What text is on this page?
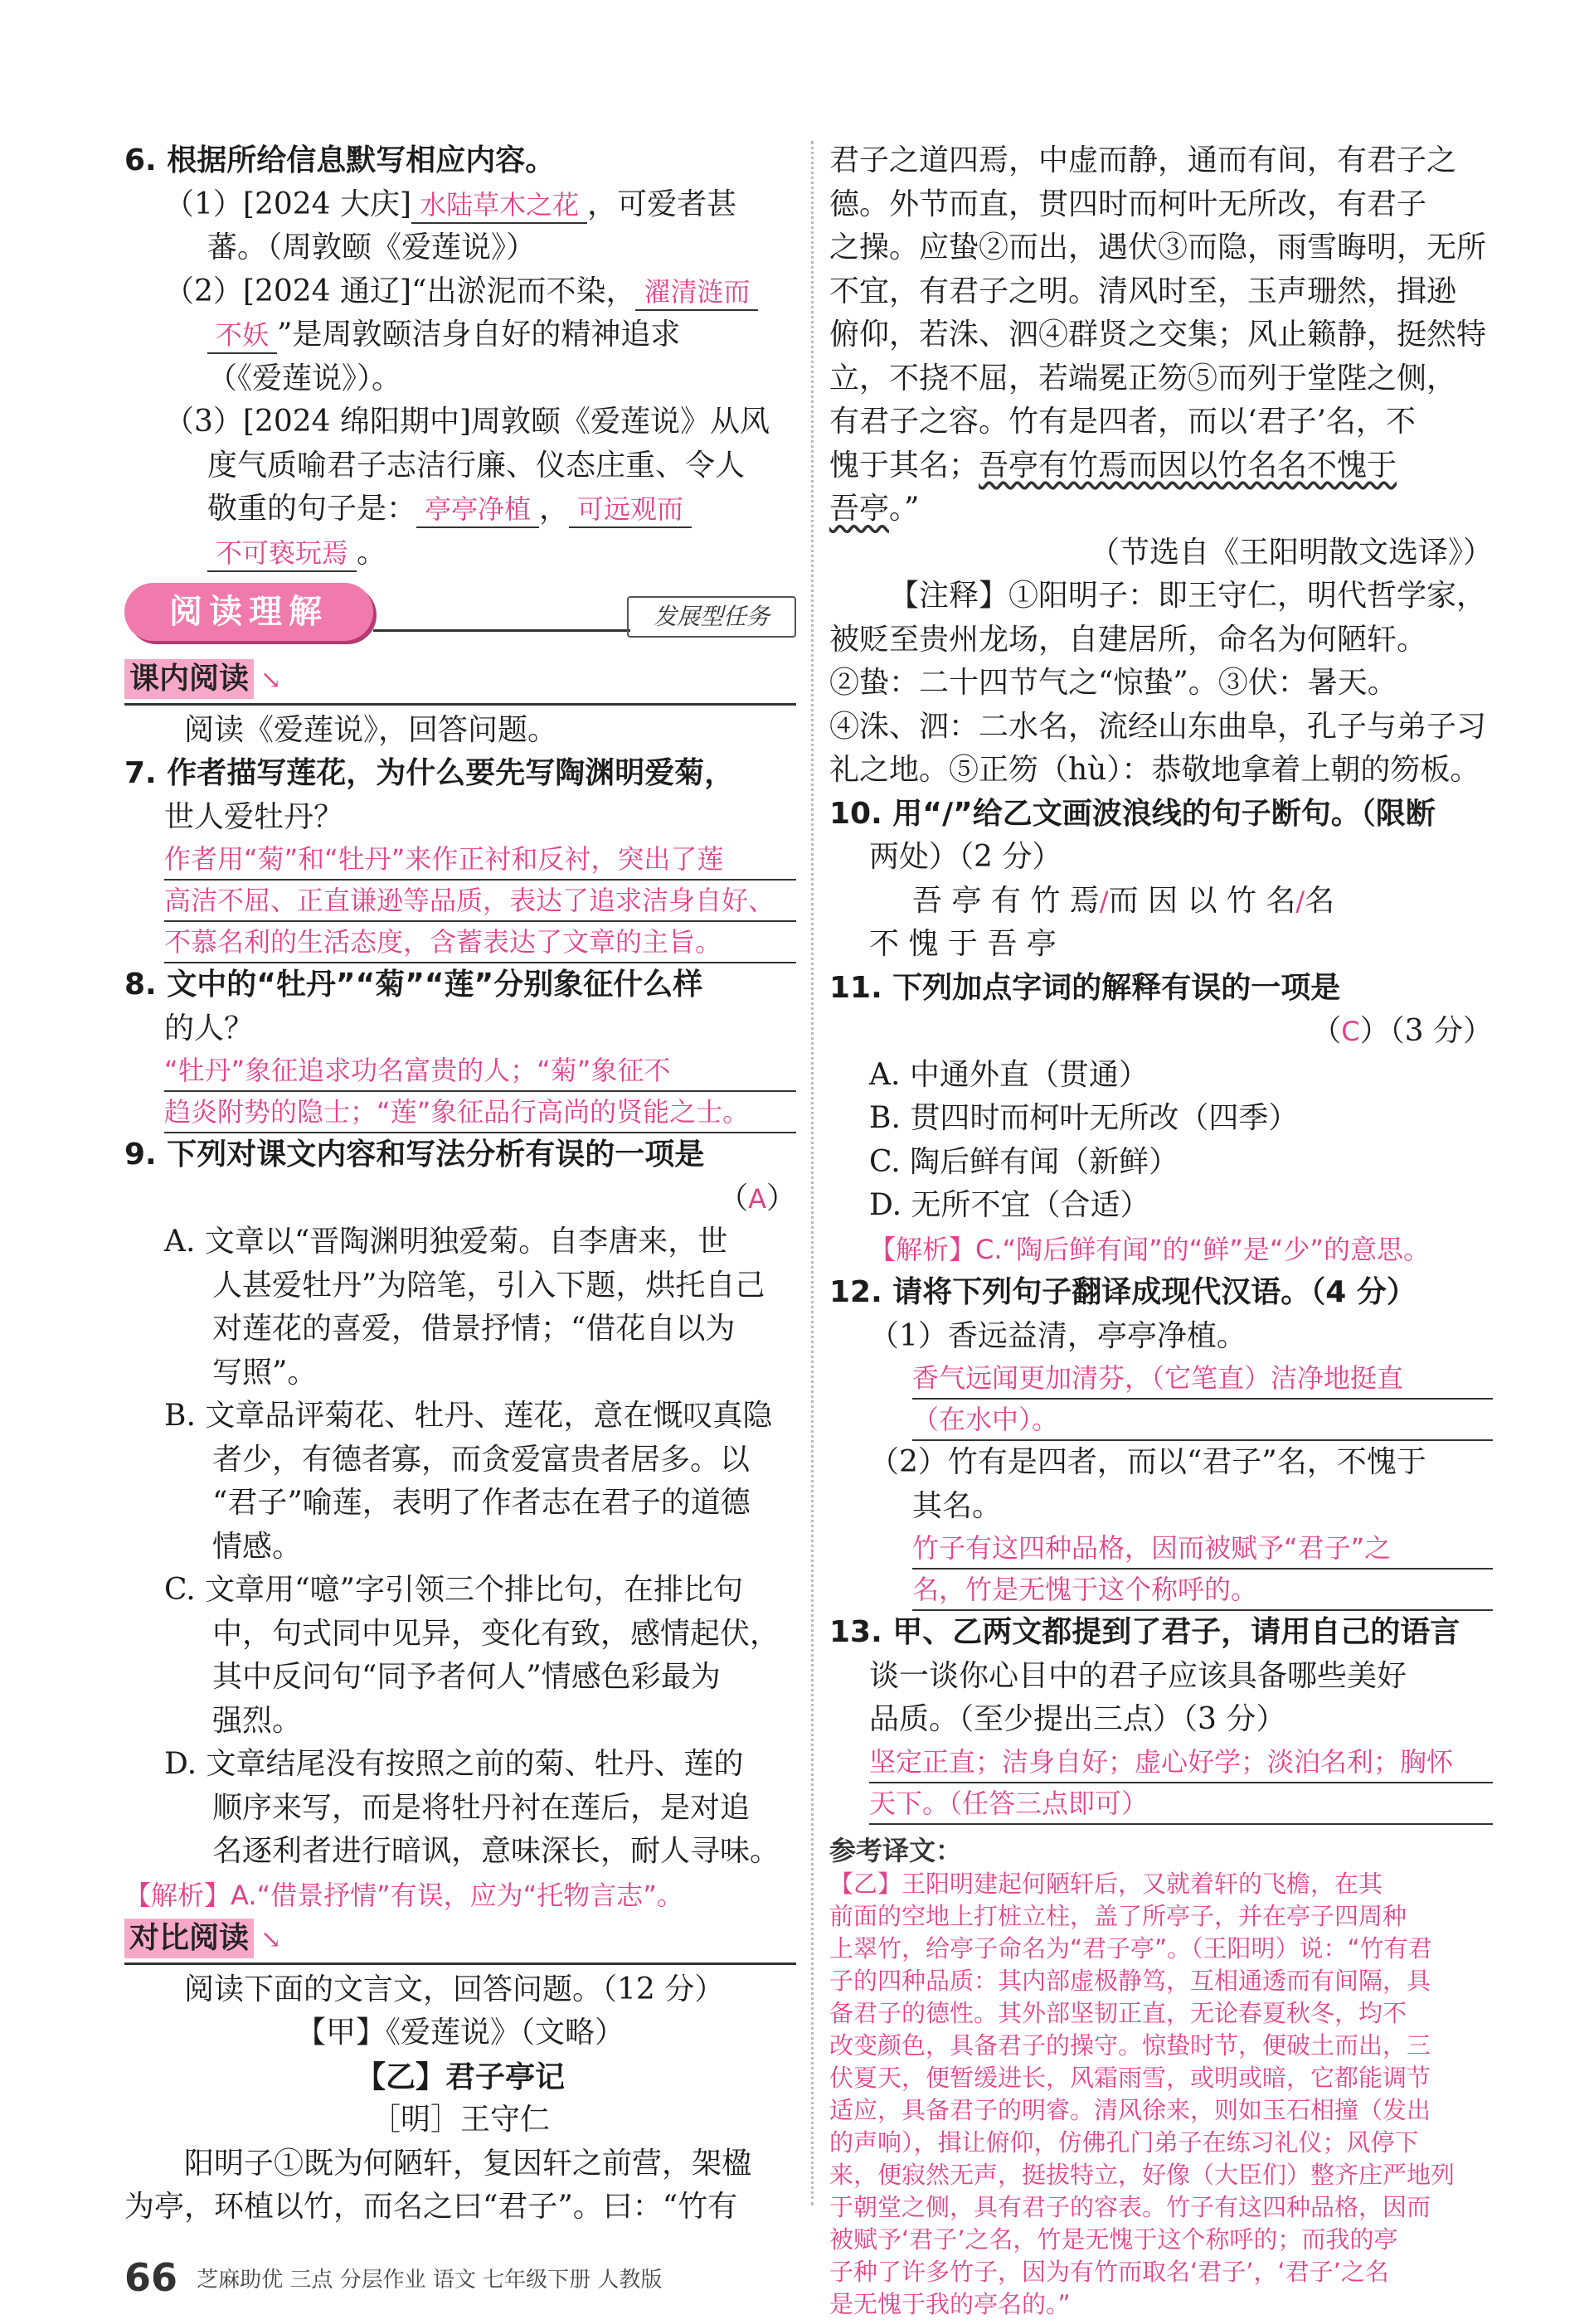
6. 根据所给信息默写相应内容。

（1）[2024 大庆] 水陆草木之花 ，可爱者甚

蕃。（周敦颐《爱莲说》）

（2）[2024 通辽]“出淤泥而不染， 濯清涟而

不妖 ”是周敦颐洁身自好的精神追求

（《爱莲说》）。

（3）[2024 绵阳期中]周敦颐《爱莲说》从风

度气质喻君子志洁行廉、仪态庄重、令人

敬重的句子是： 亭亭净植 ， 可远观而

不可亵玩焉 。

阅读理解	发展型任务

课内阅读 ↘

阅读《爱莲说》，回答问题。

7. 作者描写莲花，为什么要先写陶渊明爱菊，

世人爱牡丹？

作者用“菊”和“牡丹”来作正衬和反衬，突出了莲
高洁不屈、正直谦逊等品质，表达了追求洁身自好、
不慕名利的生活态度，含蓄表达了文章的主旨。

8. 文中的“牡丹”“菊”“莲”分别象征什么样

的人？

“牡丹”象征追求功名富贵的人；“菊”象征不
趋炎附势的隐士；“莲”象征品行高尚的贤能之士。

9. 下列对课文内容和写法分析有误的一项是

（A）

A. 文章以“晋陶渊明独爱菊。自李唐来，世

人甚爱牡丹”为陪笔，引入下题，烘托自己

对莲花的喜爱，借景抒情；“借花自以为

写照”。

B. 文章品评菊花、牡丹、莲花，意在慨叹真隐

者少，有德者寡，而贪爱富贵者居多。以

“君子”喻莲，表明了作者志在君子的道德

情感。

C. 文章用“噫”字引领三个排比句，在排比句

中，句式同中见异，变化有致，感情起伏，

其中反问句“同予者何人”情感色彩最为

强烈。

D. 文章结尾没有按照之前的菊、牡丹、莲的

顺序来写，而是将牡丹衬在莲后，是对追

名逐利者进行暗讽，意味深长，耐人寻味。

【解析】A.“借景抒情”有误，应为“托物言志”。

对比阅读 ↘

阅读下面的文言文，回答问题。（12 分）

【甲】《爱莲说》（文略）

【乙】君子亭记

［明］王守仁

阳明子①既为何陋轩，复因轩之前营，架楹

为亭，环植以竹，而名之曰“君子”。曰：“竹有

君子之道四焉，中虚而静，通而有间，有君子之

德。外节而直，贯四时而柯叶无所改，有君子

之操。应蛰②而出，遇伏③而隐，雨雪晦明，无所

不宜，有君子之明。清风时至，玉声珊然，揖逊

俯仰，若洙、泗④群贤之交集；风止籁静，挺然特

立，不挠不屈，若端冕正笏⑤而列于堂陛之侧，

有君子之容。竹有是四者，而以‘君子’名，不

愧于其名；吾亭有竹焉而因以竹名名不愧于

吾亭。”

（节选自《王阳明散文选译》）

【注释】①阳明子：即王守仁，明代哲学家，

被贬至贵州龙场，自建居所，命名为何陋轩。

②蛰：二十四节气之“惊蛰”。③伏：暑天。

④洙、泗：二水名，流经山东曲阜，孔子与弟子习

礼之地。⑤正笏（hù）：恭敬地拿着上朝的笏板。

10. 用“/”给乙文画波浪线的句子断句。（限断

两处）（2 分）

吾 亭 有 竹 焉/而 因 以 竹 名/名

不 愧 于 吾 亭

11. 下列加点字词的解释有误的一项是

（C）（3 分）

A. 中通外直（贯通）

B. 贯四时而柯叶无所改（四季）

C. 陶后鲜有闻（新鲜）

D. 无所不宜（合适）

【解析】C.“陶后鲜有闻”的“鲜”是“少”的意思。

12. 请将下列句子翻译成现代汉语。（4 分）

（1）香远益清，亭亭净植。

香气远闻更加清芬，（它笔直）洁净地挺直
（在水中）。

（2）竹有是四者，而以“君子”名，不愧于

其名。

竹子有这四种品格，因而被赋予“君子”之
名，竹是无愧于这个称呼的。

13. 甲、乙两文都提到了君子，请用自己的语言

谈一谈你心目中的君子应该具备哪些美好

品质。（至少提出三点）（3 分）

坚定正直；洁身自好；虚心好学；淡泊名利；胸怀
天下。（任答三点即可）
参考译文：
【乙】王阳明建起何陋轩后，又就着轩的飞檐，在其
前面的空地上打桩立柱，盖了所亭子，并在亭子四周种
上翠竹，给亭子命名为“君子亭”。（王阳明）说：“竹有君
子的四种品质：其内部虚极静笃，互相通透而有间隔，具
备君子的德性。其外部坚韧正直，无论春夏秋冬，均不
改变颜色，具备君子的操守。惊蛰时节，便破土而出，三
伏夏天，便暂缓进长，风霜雨雪，或明或暗，它都能调节
适应，具备君子的明睿。清风徐来，则如玉石相撞（发出
的声响），揖让俯仰，仿佛孔门弟子在练习礼仪；风停下
来，便寂然无声，挺拔特立，好像（大臣们）整齐庄严地列
于朝堂之侧，具有君子的容表。竹子有这四种品格，因而
被赋予‘君子’之名，竹是无愧于这个称呼的；而我的亭
子种了许多竹子，因为有竹而取名‘君子’，‘君子’之名
是无愧于我的亭名的。”
66 芝麻助优 三点 分层作业 语文 七年级下册 人教版
